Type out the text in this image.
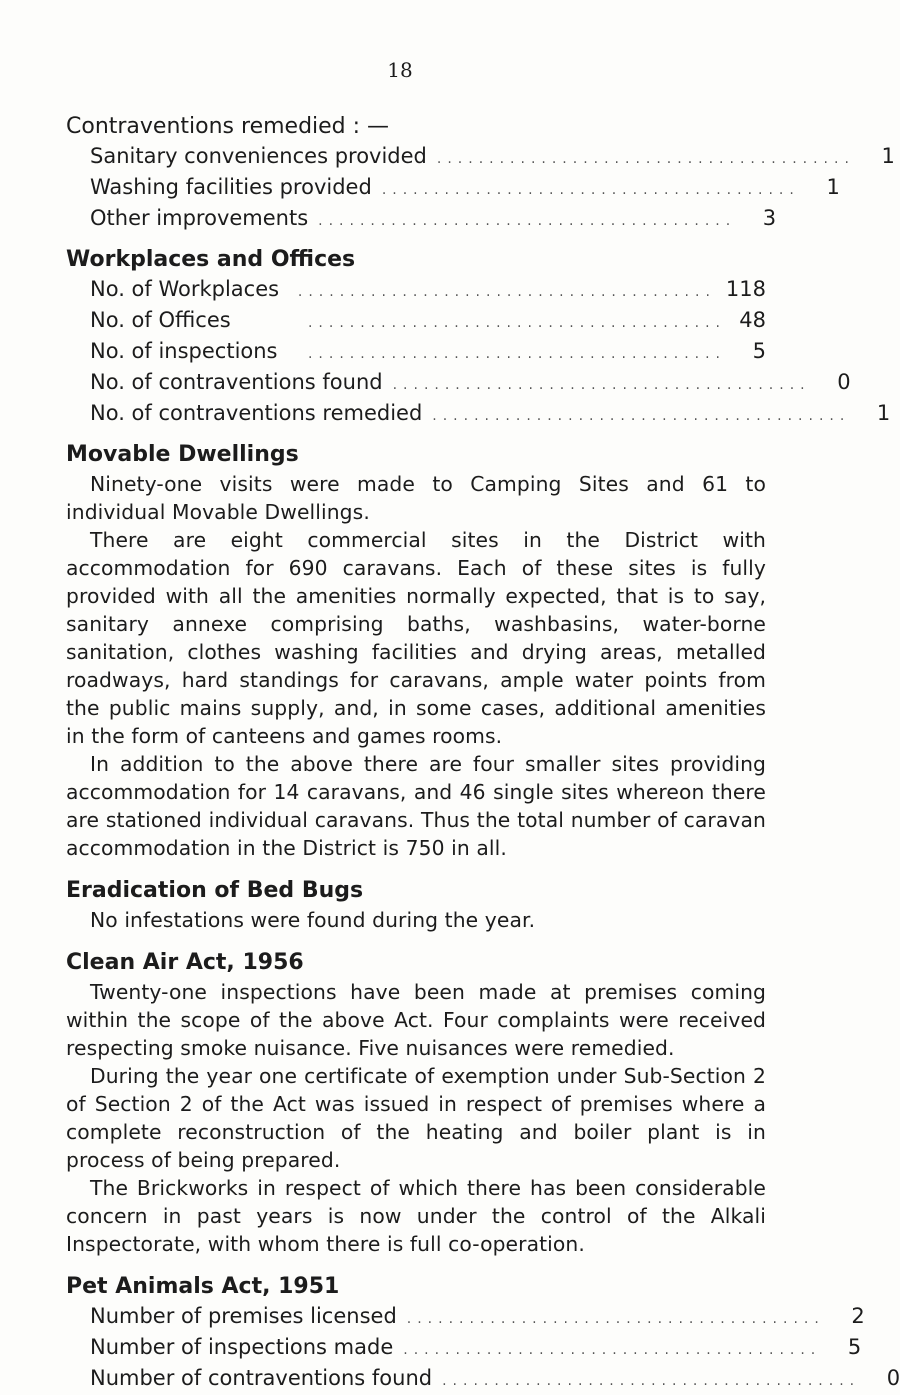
18
Contraventions remedied : —
Sanitary conveniences provided ........................................	1
Washing facilities provided ........................................	1
Other improvements ........................................	3
Workplaces and Offices
No. of Workplaces	........................................ 118
No. of Offices	........................................ 48
No. of inspections	........................................	5
No. of contraventions found ........................................	0
No. of contraventions remedied ........................................	1
Movable Dwellings

Ninety-one visits were made to Camping Sites and 61 to individual Movable Dwellings.

There are eight commercial sites in the District with accommodation for 690 caravans. Each of these sites is fully provided with all the amenities normally expected, that is to say, sanitary annexe comprising baths, washbasins, water-borne sanitation, clothes washing facilities and drying areas, metalled roadways, hard standings for caravans, ample water points from the public mains supply, and, in some cases, additional amenities in the form of canteens and games rooms.

In addition to the above there are four smaller sites providing accommodation for 14 caravans, and 46 single sites whereon there are stationed individual caravans. Thus the total number of caravan accommodation in the District is 750 in all.

Eradication of Bed Bugs

No infestations were found during the year.

Clean Air Act, 1956

Twenty-one inspections have been made at premises coming within the scope of the above Act. Four complaints were received respecting smoke nuisance. Five nuisances were remedied.

During the year one certificate of exemption under Sub-Section 2 of Section 2 of the Act was issued in respect of premises where a complete reconstruction of the heating and boiler plant is in process of being prepared.

The Brickworks in respect of which there has been considerable concern in past years is now under the control of the Alkali Inspectorate, with whom there is full co-operation.

Pet Animals Act, 1951
Number of premises licensed ........................................	2
Number of inspections made ........................................	5
Number of contraventions found ........................................	0
